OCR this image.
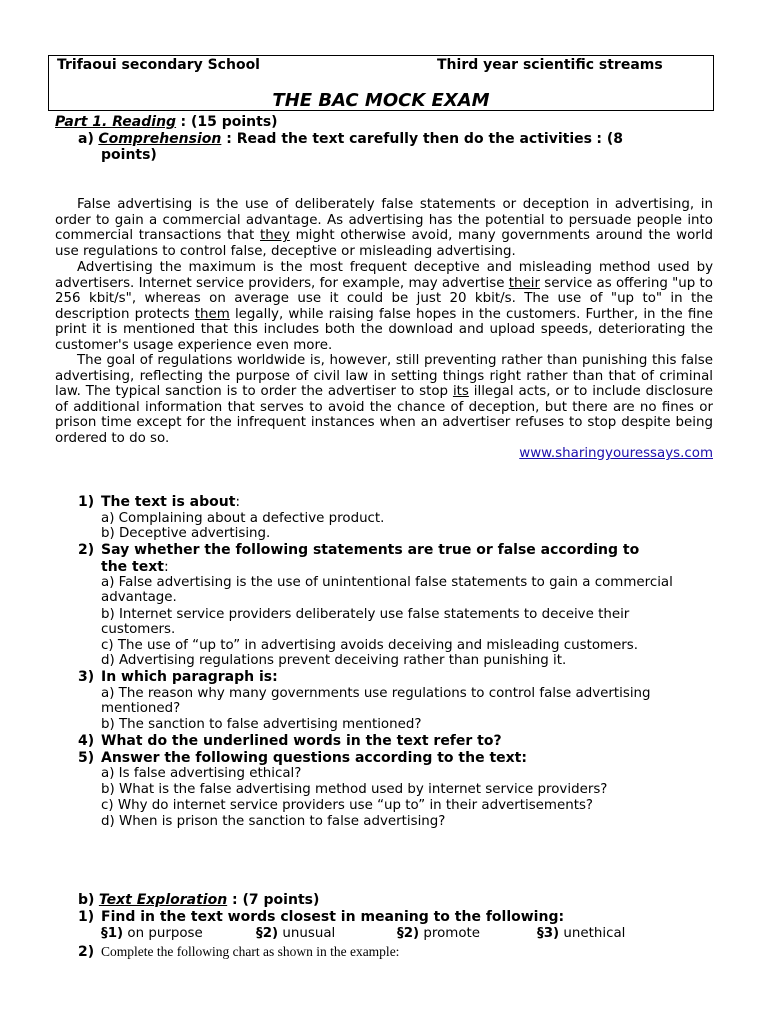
Trifaoui secondary School	Third year scientific streams
THE BAC MOCK EXAM
Part 1. Reading : (15 points)
a) Comprehension : Read the text carefully then do the activities : (8
points)

False advertising is the use of deliberately false statements or deception in advertising, in order to gain a commercial advantage. As advertising has the potential to persuade people into commercial transactions that they might otherwise avoid, many governments around the world use regulations to control false, deceptive or misleading advertising.

Advertising the maximum is the most frequent deceptive and misleading method used by advertisers. Internet service providers, for example, may advertise their service as offering "up to 256 kbit/s", whereas on average use it could be just 20 kbit/s. The use of "up to" in the description protects them legally, while raising false hopes in the customers. Further, in the fine print it is mentioned that this includes both the download and upload speeds, deteriorating the customer's usage experience even more.

The goal of regulations worldwide is, however, still preventing rather than punishing this false advertising, reflecting the purpose of civil law in setting things right rather than that of criminal law. The typical sanction is to order the advertiser to stop its illegal acts, or to include disclosure of additional information that serves to avoid the chance of deception, but there are no fines or prison time except for the infrequent instances when an advertiser refuses to stop despite being ordered to do so.

www.sharingyouressays.com
1) The text is about:
a) Complaining about a defective product.
b) Deceptive advertising.
2) Say whether the following statements are true or false according to
the text:
a) False advertising is the use of unintentional false statements to gain a commercial
advantage.
b) Internet service providers deliberately use false statements to deceive their
customers.
c) The use of “up to” in advertising avoids deceiving and misleading customers.
d) Advertising regulations prevent deceiving rather than punishing it.
3) In which paragraph is:
a) The reason why many governments use regulations to control false advertising
mentioned?
b) The sanction to false advertising mentioned?
4) What do the underlined words in the text refer to?
5) Answer the following questions according to the text:
a) Is false advertising ethical?
b) What is the false advertising method used by internet service providers?
c) Why do internet service providers use “up to” in their advertisements?
d) When is prison the sanction to false advertising?
b) Text Exploration : (7 points)
1) Find in the text words closest in meaning to the following:
§1) on purpose	§2) unusual	§2) promote	§3) unethical
2) Complete the following chart as shown in the example:
